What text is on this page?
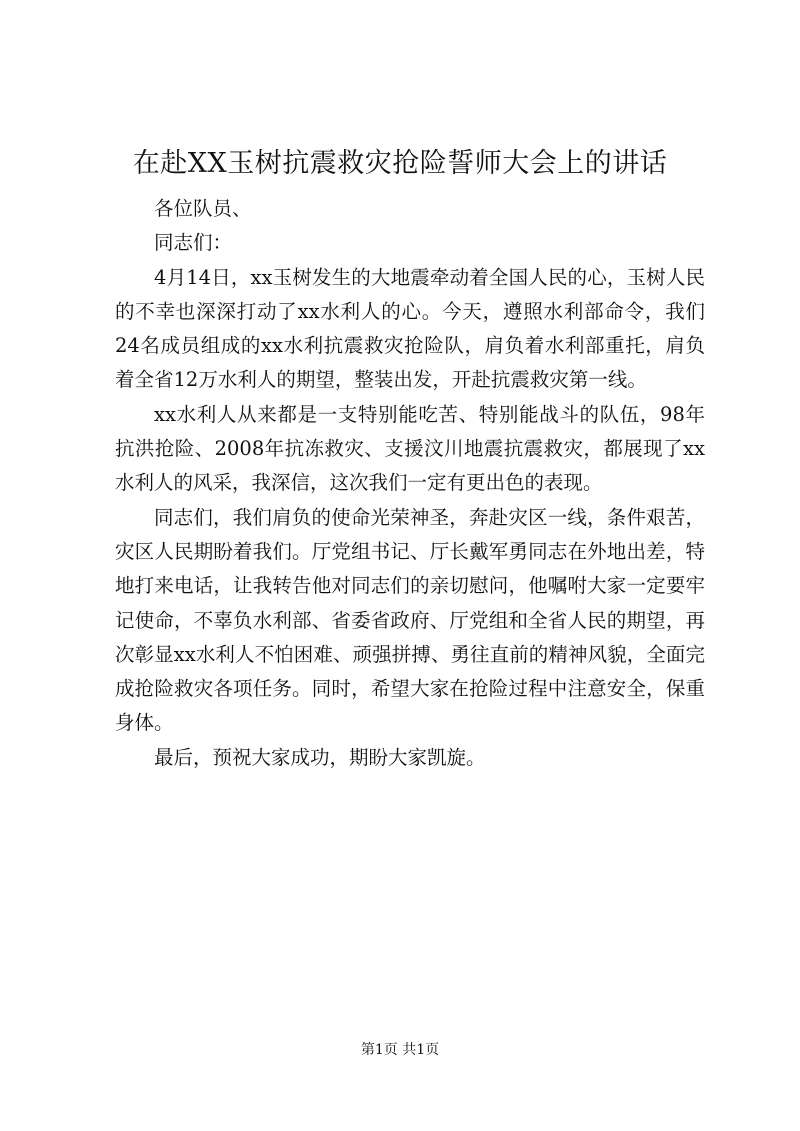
在赴XX玉树抗震救灾抢险誓师大会上的讲话

各位队员、

同志们：

4月14日，xx玉树发生的大地震牵动着全国人民的心，玉树人民的不幸也深深打动了xx水利人的心。今天，遵照水利部命令，我们24名成员组成的xx水利抗震救灾抢险队，肩负着水利部重托，肩负着全省12万水利人的期望，整装出发，开赴抗震救灾第一线。

xx水利人从来都是一支特别能吃苦、特别能战斗的队伍，98年抗洪抢险、2008年抗冻救灾、支援汶川地震抗震救灾，都展现了xx水利人的风采，我深信，这次我们一定有更出色的表现。

同志们，我们肩负的使命光荣神圣，奔赴灾区一线，条件艰苦，灾区人民期盼着我们。厅党组书记、厅长戴军勇同志在外地出差，特地打来电话，让我转告他对同志们的亲切慰问，他嘱咐大家一定要牢记使命，不辜负水利部、省委省政府、厅党组和全省人民的期望，再次彰显xx水利人不怕困难、顽强拼搏、勇往直前的精神风貌，全面完成抢险救灾各项任务。同时，希望大家在抢险过程中注意安全，保重身体。

最后，预祝大家成功，期盼大家凯旋。

第1页 共1页
